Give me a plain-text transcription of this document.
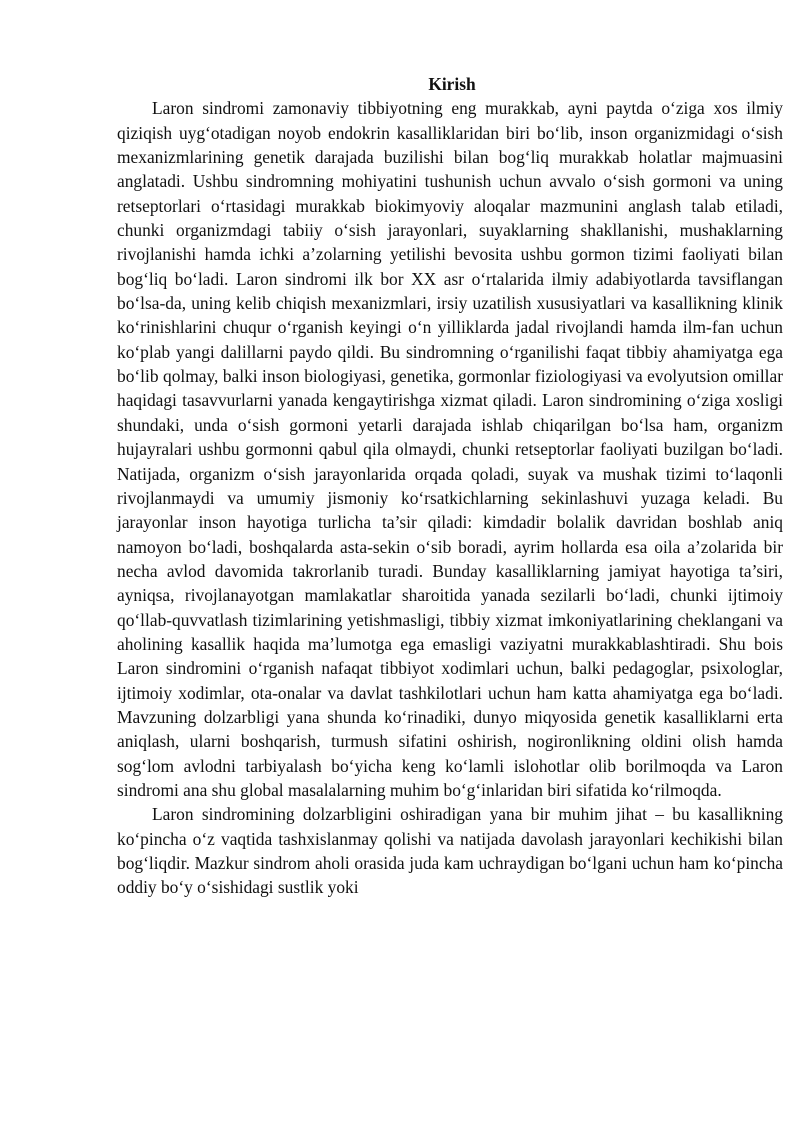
Kirish

Laron sindromi zamonaviy tibbiyotning eng murakkab, ayni paytda o‘ziga xos ilmiy qiziqish uyg‘otadigan noyob endokrin kasalliklaridan biri bo‘lib, inson organizmidagi o‘sish mexanizmlarining genetik darajada buzilishi bilan bog‘liq murakkab holatlar majmuasini anglatadi. Ushbu sindromning mohiyatini tushunish uchun avvalo o‘sish gormoni va uning retseptorlari o‘rtasidagi murakkab biokimyoviy aloqalar mazmunini anglash talab etiladi, chunki organizmdagi tabiiy o‘sish jarayonlari, suyaklarning shakllanishi, mushaklarning rivojlanishi hamda ichki a’zolarning yetilishi bevosita ushbu gormon tizimi faoliyati bilan bog‘liq bo‘ladi. Laron sindromi ilk bor XX asr o‘rtalarida ilmiy adabiyotlarda tavsiflangan bo‘lsa-da, uning kelib chiqish mexanizmlari, irsiy uzatilish xususiyatlari va kasallikning klinik ko‘rinishlarini chuqur o‘rganish keyingi o‘n yilliklarda jadal rivojlandi hamda ilm-fan uchun ko‘plab yangi dalillarni paydo qildi. Bu sindromning o‘rganilishi faqat tibbiy ahamiyatga ega bo‘lib qolmay, balki inson biologiyasi, genetika, gormonlar fiziologiyasi va evolyutsion omillar haqidagi tasavvurlarni yanada kengaytirishga xizmat qiladi. Laron sindromining o‘ziga xosligi shundaki, unda o‘sish gormoni yetarli darajada ishlab chiqarilgan bo‘lsa ham, organizm hujayralari ushbu gormonni qabul qila olmaydi, chunki retseptorlar faoliyati buzilgan bo‘ladi. Natijada, organizm o‘sish jarayonlarida orqada qoladi, suyak va mushak tizimi to‘laqonli rivojlanmaydi va umumiy jismoniy ko‘rsatkichlarning sekinlashuvi yuzaga keladi. Bu jarayonlar inson hayotiga turlicha ta’sir qiladi: kimdadir bolalik davridan boshlab aniq namoyon bo‘ladi, boshqalarda asta-sekin o‘sib boradi, ayrim hollarda esa oila a’zolarida bir necha avlod davomida takrorlanib turadi. Bunday kasalliklarning jamiyat hayotiga ta’siri, ayniqsa, rivojlanayotgan mamlakatlar sharoitida yanada sezilarli bo‘ladi, chunki ijtimoiy qo‘llab-quvvatlash tizimlarining yetishmasligi, tibbiy xizmat imkoniyatlarining cheklangani va aholining kasallik haqida ma’lumotga ega emasligi vaziyatni murakkablashtiradi. Shu bois Laron sindromini o‘rganish nafaqat tibbiyot xodimlari uchun, balki pedagoglar, psixologlar, ijtimoiy xodimlar, ota-onalar va davlat tashkilotlari uchun ham katta ahamiyatga ega bo‘ladi. Mavzuning dolzarbligi yana shunda ko‘rinadiki, dunyo miqyosida genetik kasalliklarni erta aniqlash, ularni boshqarish, turmush sifatini oshirish, nogironlikning oldini olish hamda sog‘lom avlodni tarbiyalash bo‘yicha keng ko‘lamli islohotlar olib borilmoqda va Laron sindromi ana shu global masalalarning muhim bo‘g‘inlaridan biri sifatida ko‘rilmoqda.

Laron sindromining dolzarbligini oshiradigan yana bir muhim jihat – bu kasallikning ko‘pincha o‘z vaqtida tashxislanmay qolishi va natijada davolash jarayonlari kechikishi bilan bog‘liqdir. Mazkur sindrom aholi orasida juda kam uchraydigan bo‘lgani uchun ham ko‘pincha oddiy bo‘y o‘sishidagi sustlik yoki
